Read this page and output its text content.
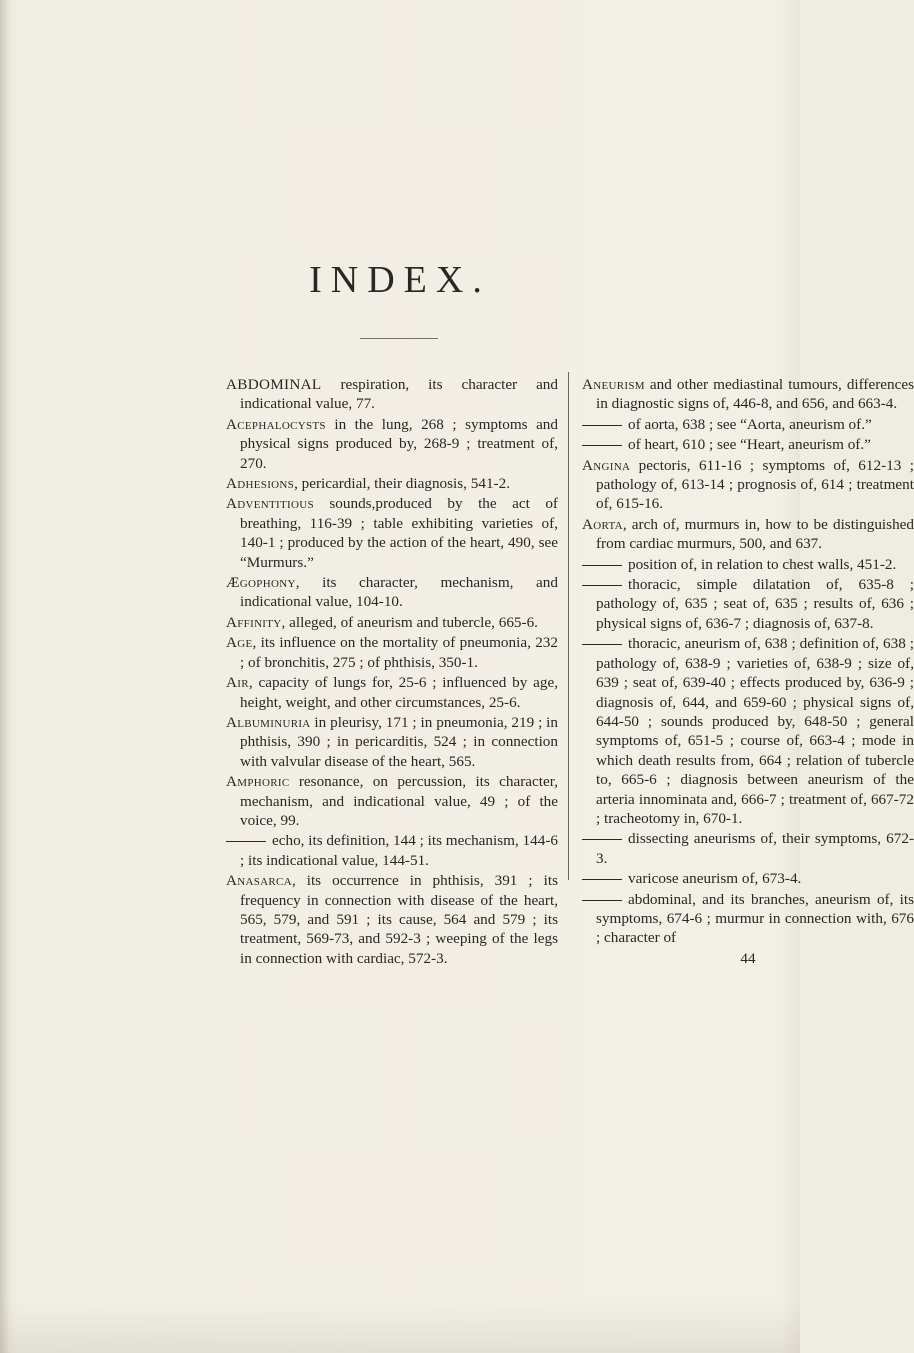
INDEX.
ABDOMINAL respiration, its character and indicational value, 77.
Acephalocysts in the lung, 268 ; symptoms and physical signs produced by, 268-9 ; treatment of, 270.
Adhesions, pericardial, their diagnosis, 541-2.
Adventitious sounds,produced by the act of breathing, 116-39 ; table exhibiting varieties of, 140-1 ; produced by the action of the heart, 490, see “Murmurs.”
Ægophony, its character, mechanism, and indicational value, 104-10.
Affinity, alleged, of aneurism and tubercle, 665-6.
Age, its influence on the mortality of pneumonia, 232 ; of bronchitis, 275 ; of phthisis, 350-1.
Air, capacity of lungs for, 25-6 ; influenced by age, height, weight, and other circumstances, 25-6.
Albuminuria in pleurisy, 171 ; in pneumonia, 219 ; in phthisis, 390 ; in pericarditis, 524 ; in connection with valvular disease of the heart, 565.
Amphoric resonance, on percussion, its character, mechanism, and indicational value, 49 ; of the voice, 99.
echo, its definition, 144 ; its mechanism, 144-6 ; its indicational value, 144-51.
Anasarca, its occurrence in phthisis, 391 ; its frequency in connection with disease of the heart, 565, 579, and 591 ; its cause, 564 and 579 ; its treatment, 569-73, and 592-3 ; weeping of the legs in connection with cardiac, 572-3.
Aneurism and other mediastinal tumours, differences in diagnostic signs of, 446-8, and 656, and 663-4.
of aorta, 638 ; see “Aorta, aneurism of.”
of heart, 610 ; see “Heart, aneurism of.”
Angina pectoris, 611-16 ; symptoms of, 612-13 ; pathology of, 613-14 ; prognosis of, 614 ; treatment of, 615-16.
Aorta, arch of, murmurs in, how to be distinguished from cardiac murmurs, 500, and 637.
position of, in relation to chest walls, 451-2.
thoracic, simple dilatation of, 635-8 ; pathology of, 635 ; seat of, 635 ; results of, 636 ; physical signs of, 636-7 ; diagnosis of, 637-8.
thoracic, aneurism of, 638 ; definition of, 638 ; pathology of, 638-9 ; varieties of, 638-9 ; size of, 639 ; seat of, 639-40 ; effects produced by, 636-9 ; diagnosis of, 644, and 659-60 ; physical signs of, 644-50 ; sounds produced by, 648-50 ; general symptoms of, 651-5 ; course of, 663-4 ; mode in which death results from, 664 ; relation of tubercle to, 665-6 ; diagnosis between aneurism of the arteria innominata and, 666-7 ; treatment of, 667-72 ; tracheotomy in, 670-1.
dissecting aneurisms of, their symptoms, 672-3.
varicose aneurism of, 673-4.
abdominal, and its branches, aneurism of, its symptoms, 674-6 ; murmur in connection with, 676 ; character of
44
